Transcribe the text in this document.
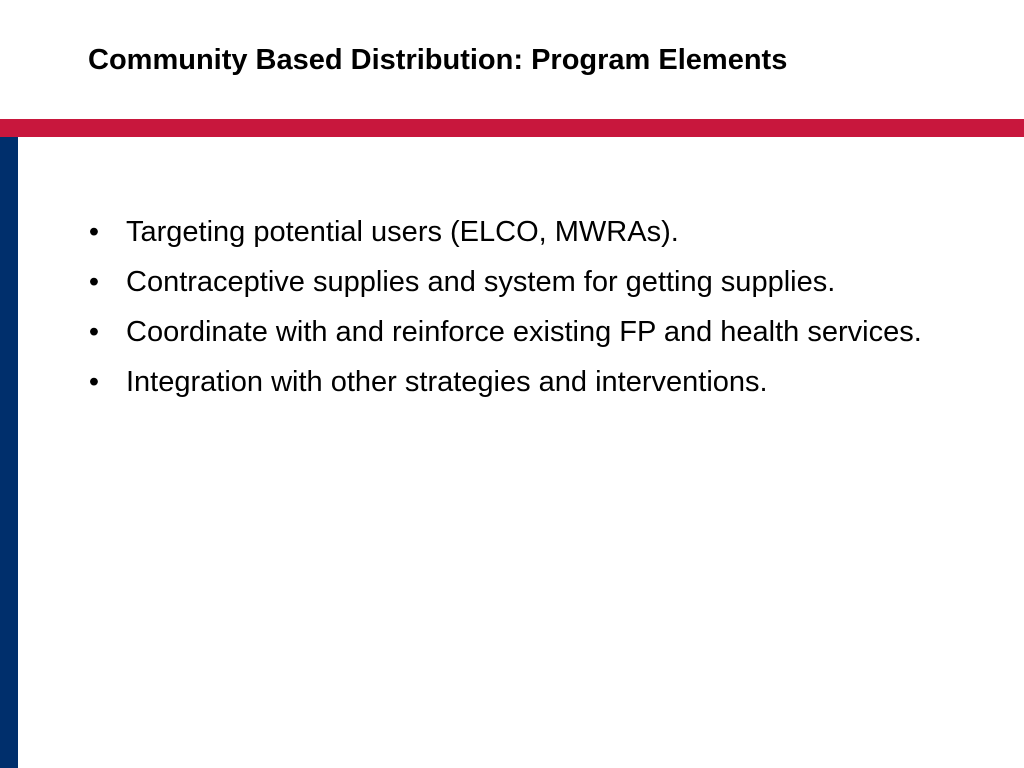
Community Based Distribution: Program Elements
• Targeting potential users (ELCO, MWRAs).
• Contraceptive supplies and system for getting supplies.
• Coordinate with and reinforce existing FP and health services.
• Integration with other strategies and interventions.
